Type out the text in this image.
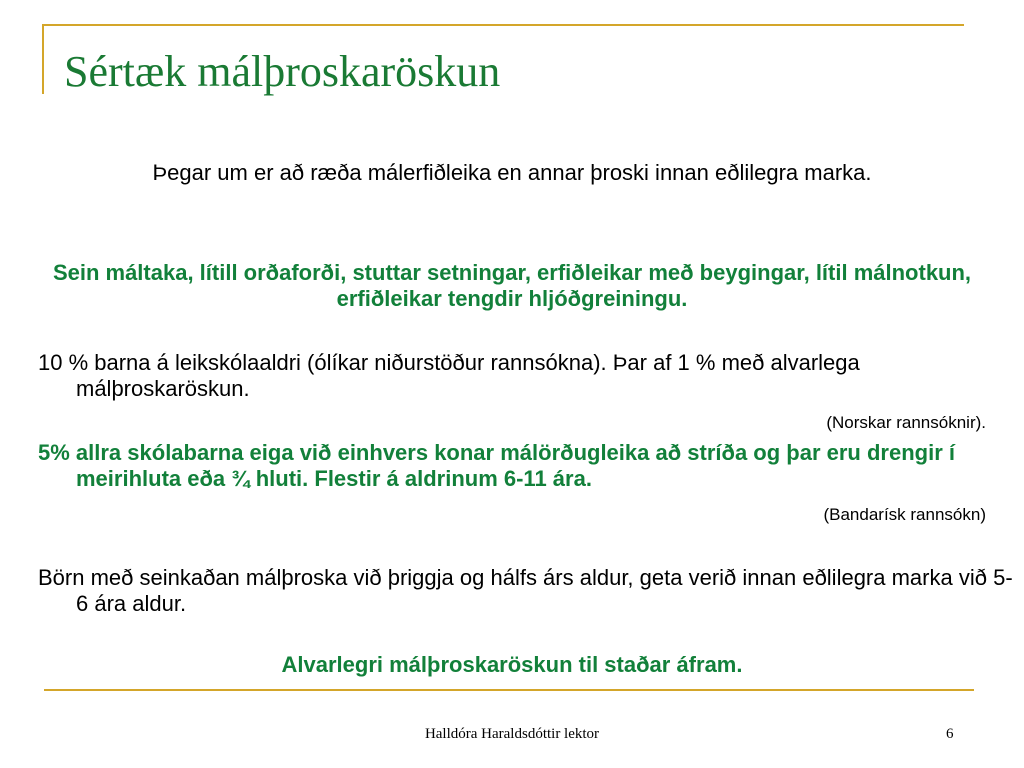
Sértæk málþroskaröskun
Þegar um er að ræða málerfiðleika en annar þroski innan eðlilegra marka.
Sein máltaka, lítill orðaforði, stuttar setningar, erfiðleikar með beygingar, lítil málnotkun, erfiðleikar tengdir hljóðgreiningu.
10 % barna á leikskólaaldri (ólíkar niðurstöður rannsókna). Þar af 1 % með alvarlega málþroskaröskun.
(Norskar rannsóknir).
5% allra skólabarna eiga við einhvers konar málörðugleika að stríða og þar eru drengir í meirihluta eða ¾ hluti. Flestir á aldrinum 6-11 ára.
(Bandarísk rannsókn)
Börn með seinkaðan málþroska við þriggja og hálfs árs aldur, geta verið innan eðlilegra marka við 5-6 ára aldur.
Alvarlegri málþroskaröskun til staðar áfram.
Halldóra Haraldsdóttir lektor	6
